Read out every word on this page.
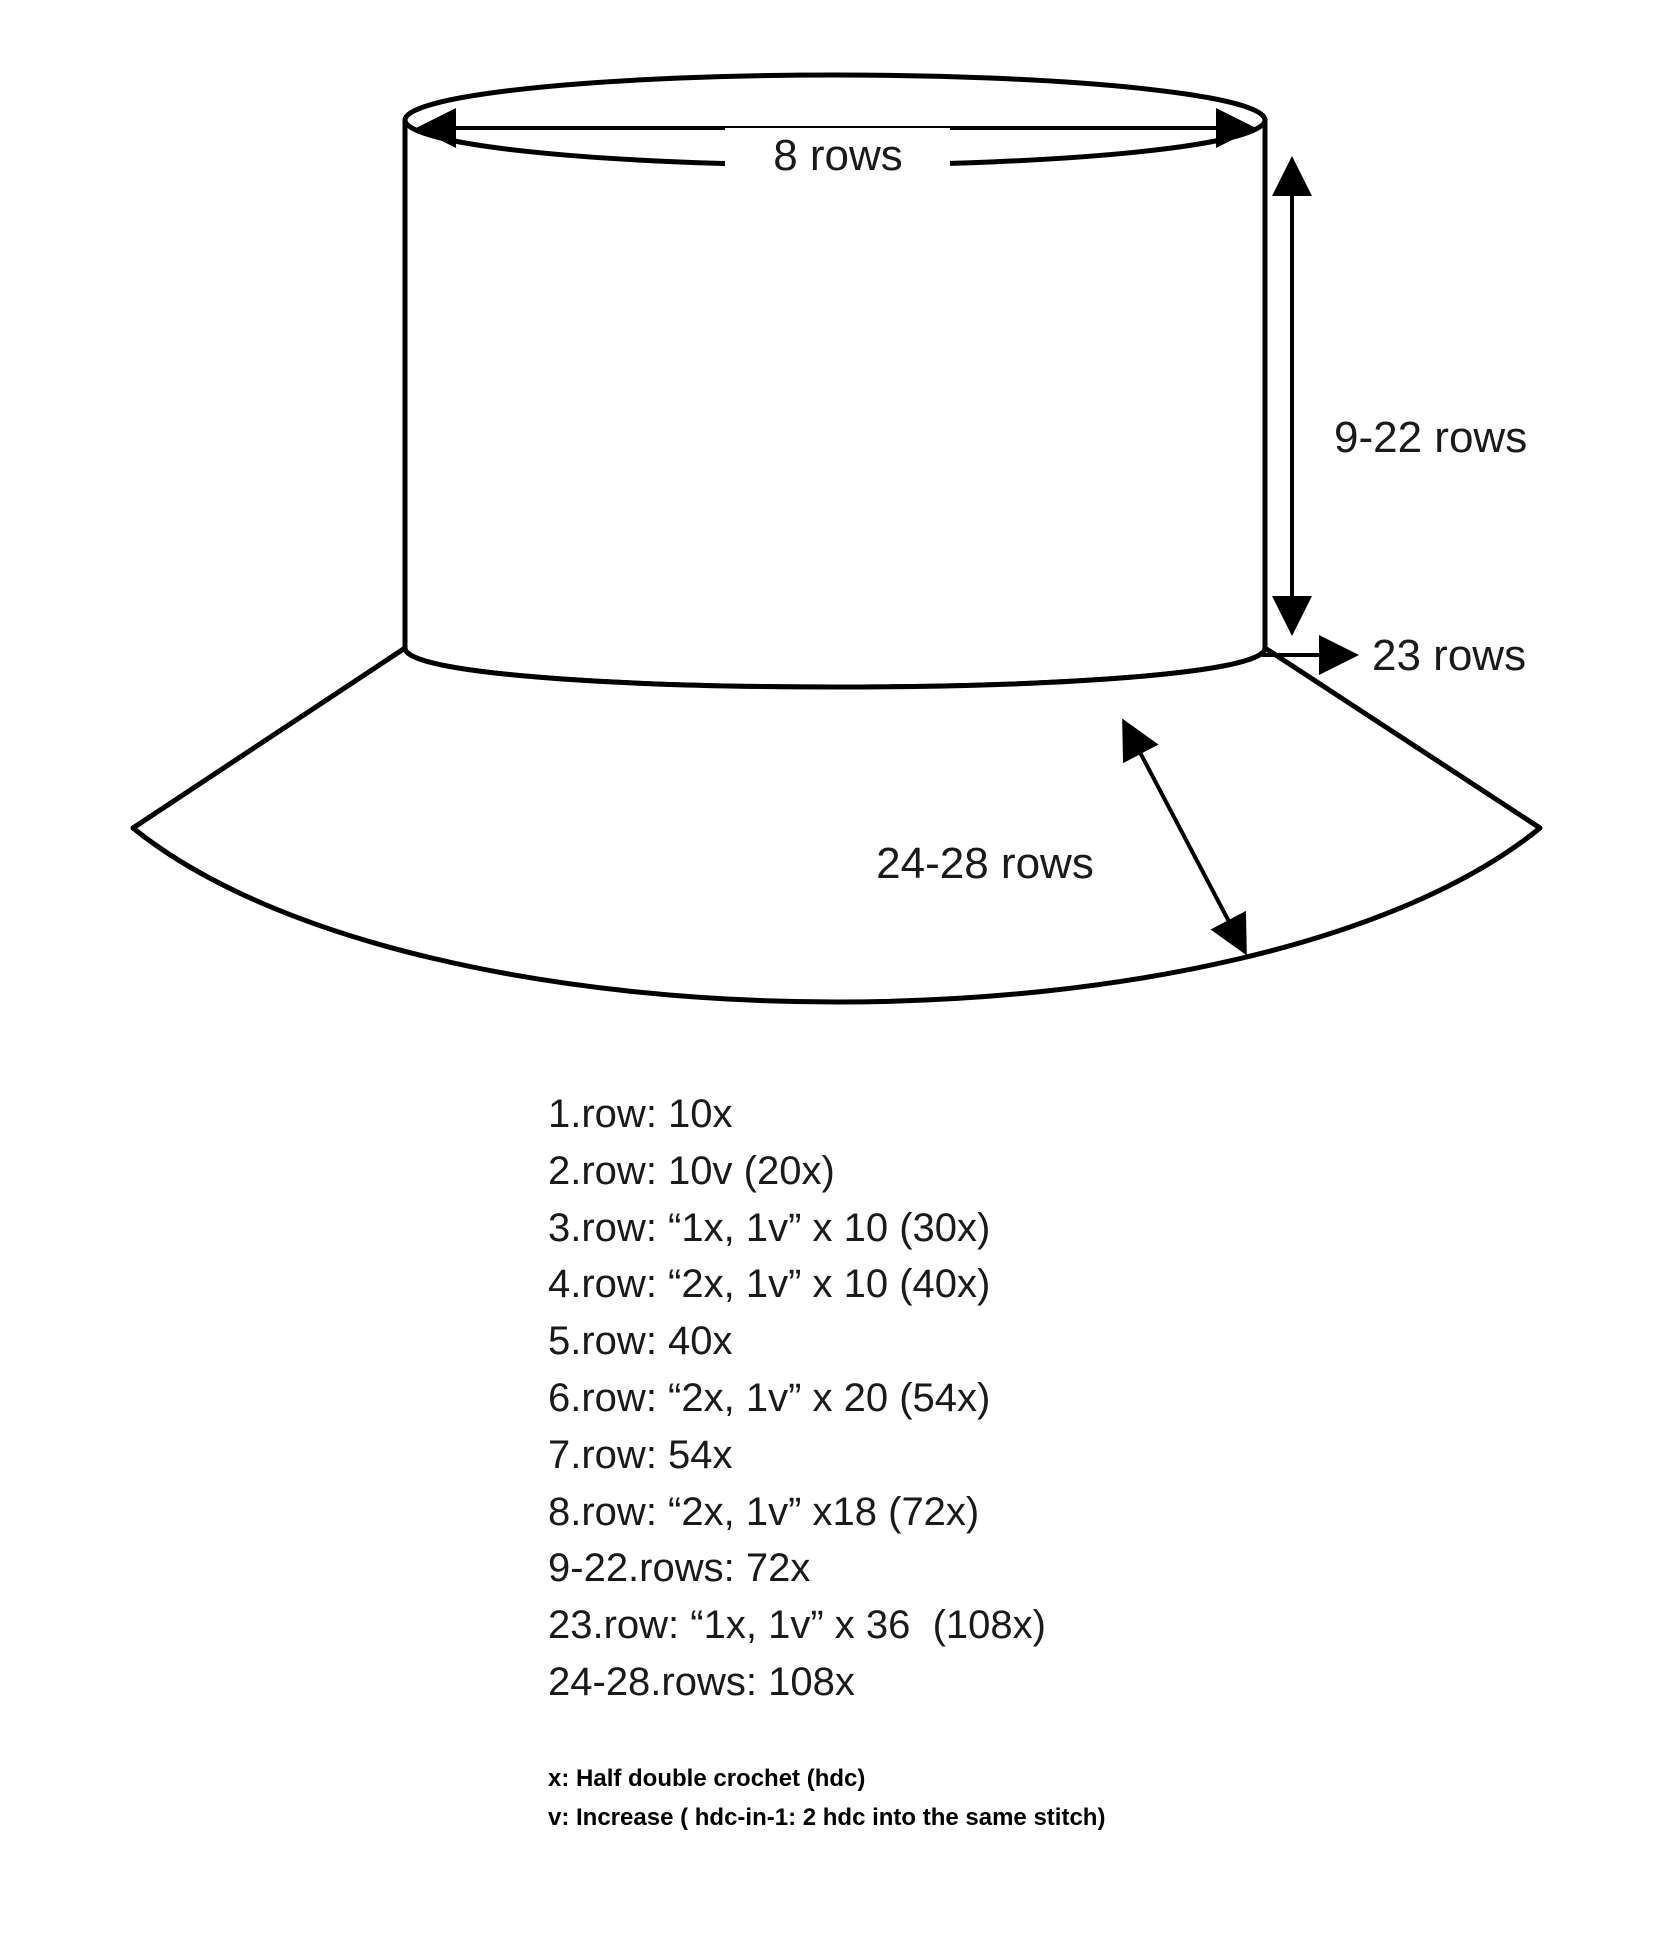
8 rows
9-22 rows
23 rows
24-28 rows
1.row: 10x
2.row: 10v (20x)
3.row: “1x, 1v” x 10 (30x)
4.row: “2x, 1v” x 10 (40x)
5.row: 40x
6.row: “2x, 1v” x 20 (54x)
7.row: 54x
8.row: “2x, 1v” x18 (72x)
9-22.rows: 72x
23.row: “1x, 1v” x 36  (108x)
24-28.rows: 108x
x: Half double crochet (hdc)
v: Increase ( hdc-in-1: 2 hdc into the same stitch)
